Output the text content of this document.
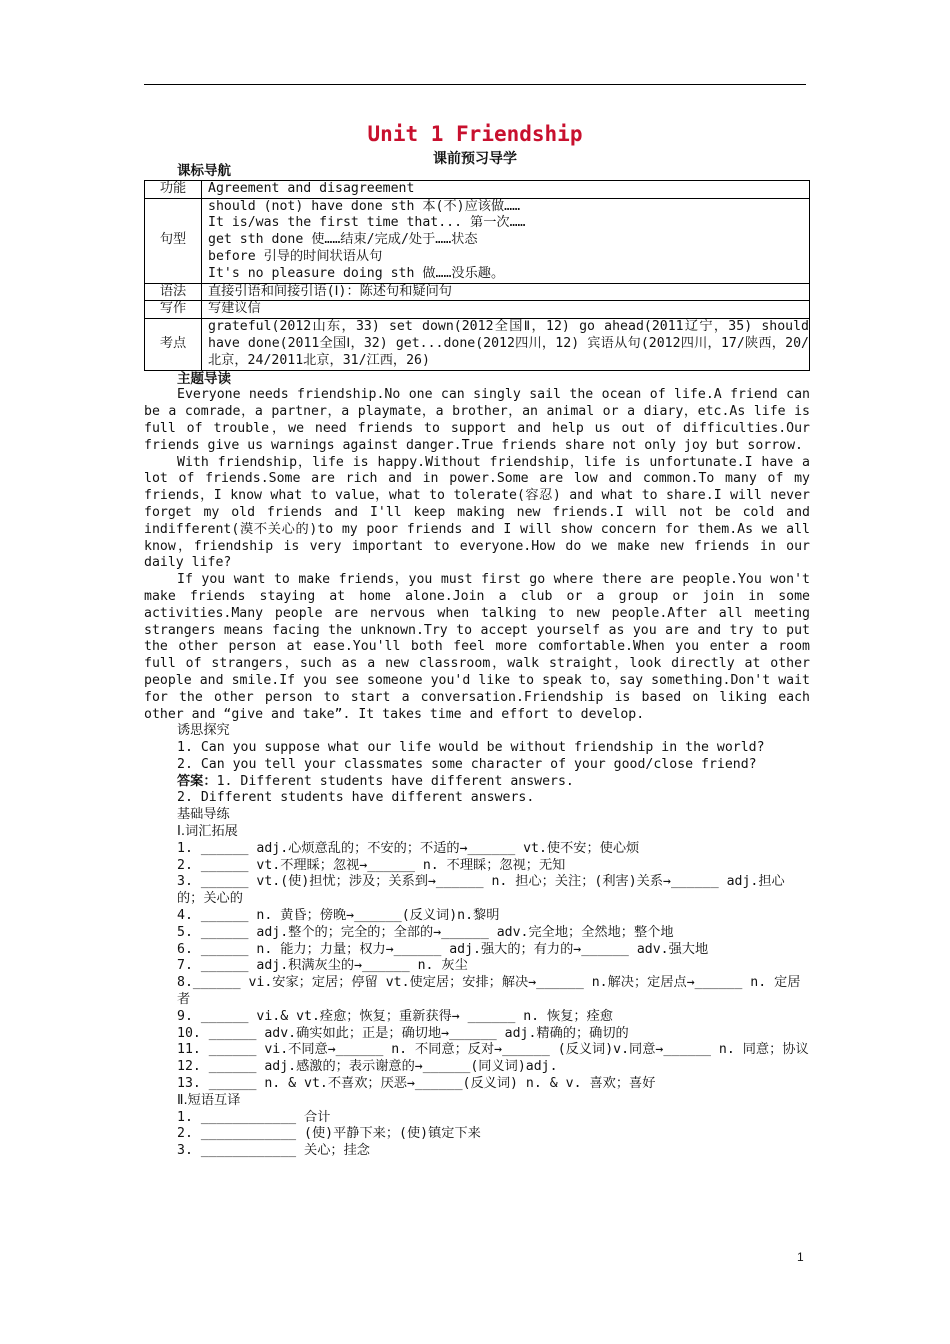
Unit 1 Friendship
课前预习导学

课标导航

功能	Agreement and disagreement
句型	should (not) have done sth 本(不)应该做……
It is/was the first time that... 第一次……
get sth done 使……结束/完成/处于……状态
before 引导的时间状语从句
It's no pleasure doing sth 做……没乐趣。

语法	直接引语和间接引语(Ⅰ)：陈述句和疑问句
写作	写建议信
考点	grateful(2012山东，33) set down(2012全国Ⅱ，12) go ahead(2011辽宁，35) should have done(2011全国Ⅰ，32) get...done(2012四川，12) 宾语从句(2012四川，17/陕西，20/北京，24/2011北京，31/江西，26)

主题导读

Everyone needs friendship.No one can singly sail the ocean of life.A friend can be a comrade，a partner，a playmate，a brother，an animal or a diary，etc.As life is full of trouble，we need friends to support and help us out of difficulties.Our friends give us warnings against danger.True friends share not only joy but sorrow.

With friendship，life is happy.Without friendship，life is unfortunate.I have a lot of friends.Some are rich and in power.Some are low and common.To many of my friends，I know what to value，what to tolerate(容忍) and what to share.I will never forget my old friends and I'll keep making new friends.I will not be cold and indifferent(漠不关心的)to my poor friends and I will show concern for them.As we all know，friendship is very important to everyone.How do we make new friends in our daily life?

If you want to make friends，you must first go where there are people.You won't make friends staying at home alone.Join a club or a group or join in some activities.Many people are nervous when talking to new people.After all meeting strangers means facing the unknown.Try to accept yourself as you are and try to put the other person at ease.You'll both feel more comfortable.When you enter a room full of strangers，such as a new classroom，walk straight，look directly at other people and smile.If you see someone you'd like to speak to，say something.Don't wait for the other person to start a conversation.Friendship is based on liking each other and “give and take”. It takes time and effort to develop.

诱思探究

1. Can you suppose what our life would be without friendship in the world?

2. Can you tell your classmates some character of your good/close friend?

答案：1. Different students have different answers.

2. Different students have different answers.

基础导练

Ⅰ.词汇拓展

1. ______ adj.心烦意乱的；不安的；不适的→______ vt.使不安；使心烦

2. ______ vt.不理睬；忽视→______ n. 不理睬；忽视；无知

3. ______ vt.(使)担忧；涉及；关系到→______ n. 担心；关注；(利害)关系→______ adj.担心的；关心的

4. ______ n. 黄昏；傍晚→______(反义词)n.黎明

5. ______ adj.整个的；完全的；全部的→______ adv.完全地；全然地；整个地

6. ______ n. 能力；力量；权力→______ adj.强大的；有力的→______ adv.强大地

7. ______ adj.积满灰尘的→______ n. 灰尘

8.______ vi.安家；定居；停留 vt.使定居；安排；解决→______ n.解决；定居点→______ n. 定居者

9. ______ vi.& vt.痊愈；恢复；重新获得→ ______ n. 恢复；痊愈

10. ______ adv.确实如此；正是；确切地→______ adj.精确的；确切的

11. ______ vi.不同意→______ n. 不同意；反对→______ (反义词)v.同意→______ n. 同意；协议

12. ______ adj.感激的；表示谢意的→______(同义词)adj.

13. ______ n. & vt.不喜欢；厌恶→______(反义词) n. & v. 喜欢；喜好

Ⅱ.短语互译

1. ____________ 合计

2. ____________ (使)平静下来；(使)镇定下来

3. ____________ 关心；挂念

1
